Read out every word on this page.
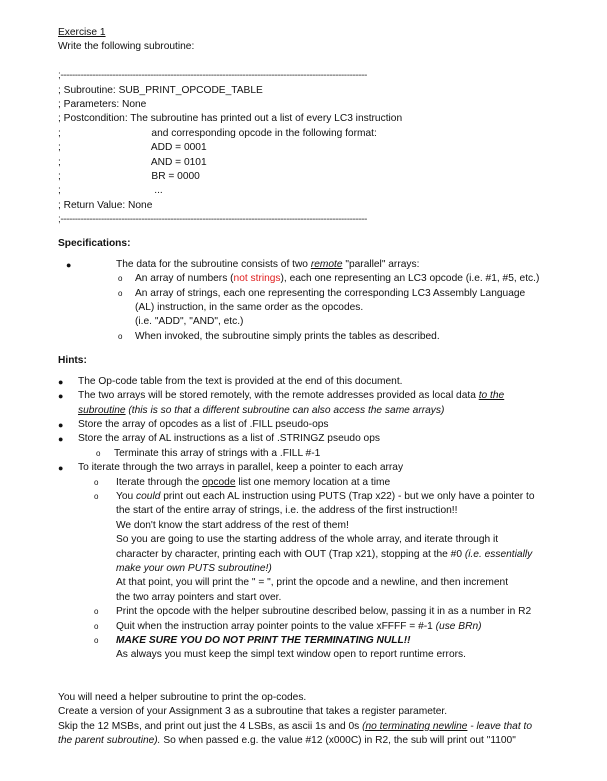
Exercise 1
Write the following subroutine:
;----------------------------------------------------------------------------------------------------------
; Subroutine: SUB_PRINT_OPCODE_TABLE
; Parameters: None
; Postcondition: The subroutine has printed out a list of every LC3 instruction
;                                and corresponding opcode in the following format:
;                                ADD = 0001
;                                AND = 0101
;                                BR = 0000
;                                 ...
; Return Value: None
;----------------------------------------------------------------------------------------------------------
Specifications:
●	The data for the subroutine consists of two remote "parallel" arrays:
o An array of numbers (not strings), each one representing an LC3 opcode (i.e. #1, #5, etc.)
o An array of strings, each one representing the corresponding LC3 Assembly Language
(AL) instruction, in the same order as the opcodes.
(i.e. "ADD", "AND", etc.)
o When invoked, the subroutine simply prints the tables as described.
Hints:
● The Op-code table from the text is provided at the end of this document.
● The two arrays will be stored remotely, with the remote addresses provided as local data to the
subroutine (this is so that a different subroutine can also access the same arrays)
● Store the array of opcodes as a list of .FILL pseudo-ops
● Store the array of AL instructions as a list of .STRINGZ pseudo ops
o Terminate this array of strings with a .FILL #-1
● To iterate through the two arrays in parallel, keep a pointer to each array
o Iterate through the opcode list one memory location at a time
o You could print out each AL instruction using PUTS (Trap x22) - but we only have a pointer to
the start of the entire array of strings, i.e. the address of the first instruction!!
We don't know the start address of the rest of them!
So you are going to use the starting address of the whole array, and iterate through it
character by character, printing each with OUT (Trap x21), stopping at the #0 (i.e. essentially
make your own PUTS subroutine!)
At that point, you will print the " = ", print the opcode and a newline, and then increment
the two array pointers and start over.
o Print the opcode with the helper subroutine described below, passing it in as a number in R2
o Quit when the instruction array pointer points to the value xFFFF = #-1 (use BRn)
o MAKE SURE YOU DO NOT PRINT THE TERMINATING NULL!!
As always you must keep the simpl text window open to report runtime errors.
You will need a helper subroutine to print the op-codes.
Create a version of your Assignment 3 as a subroutine that takes a register parameter.
Skip the 12 MSBs, and print out just the 4 LSBs, as ascii 1s and 0s (no terminating newline - leave that to
the parent subroutine). So when passed e.g. the value #12 (x000C) in R2, the sub will print out "1100"
